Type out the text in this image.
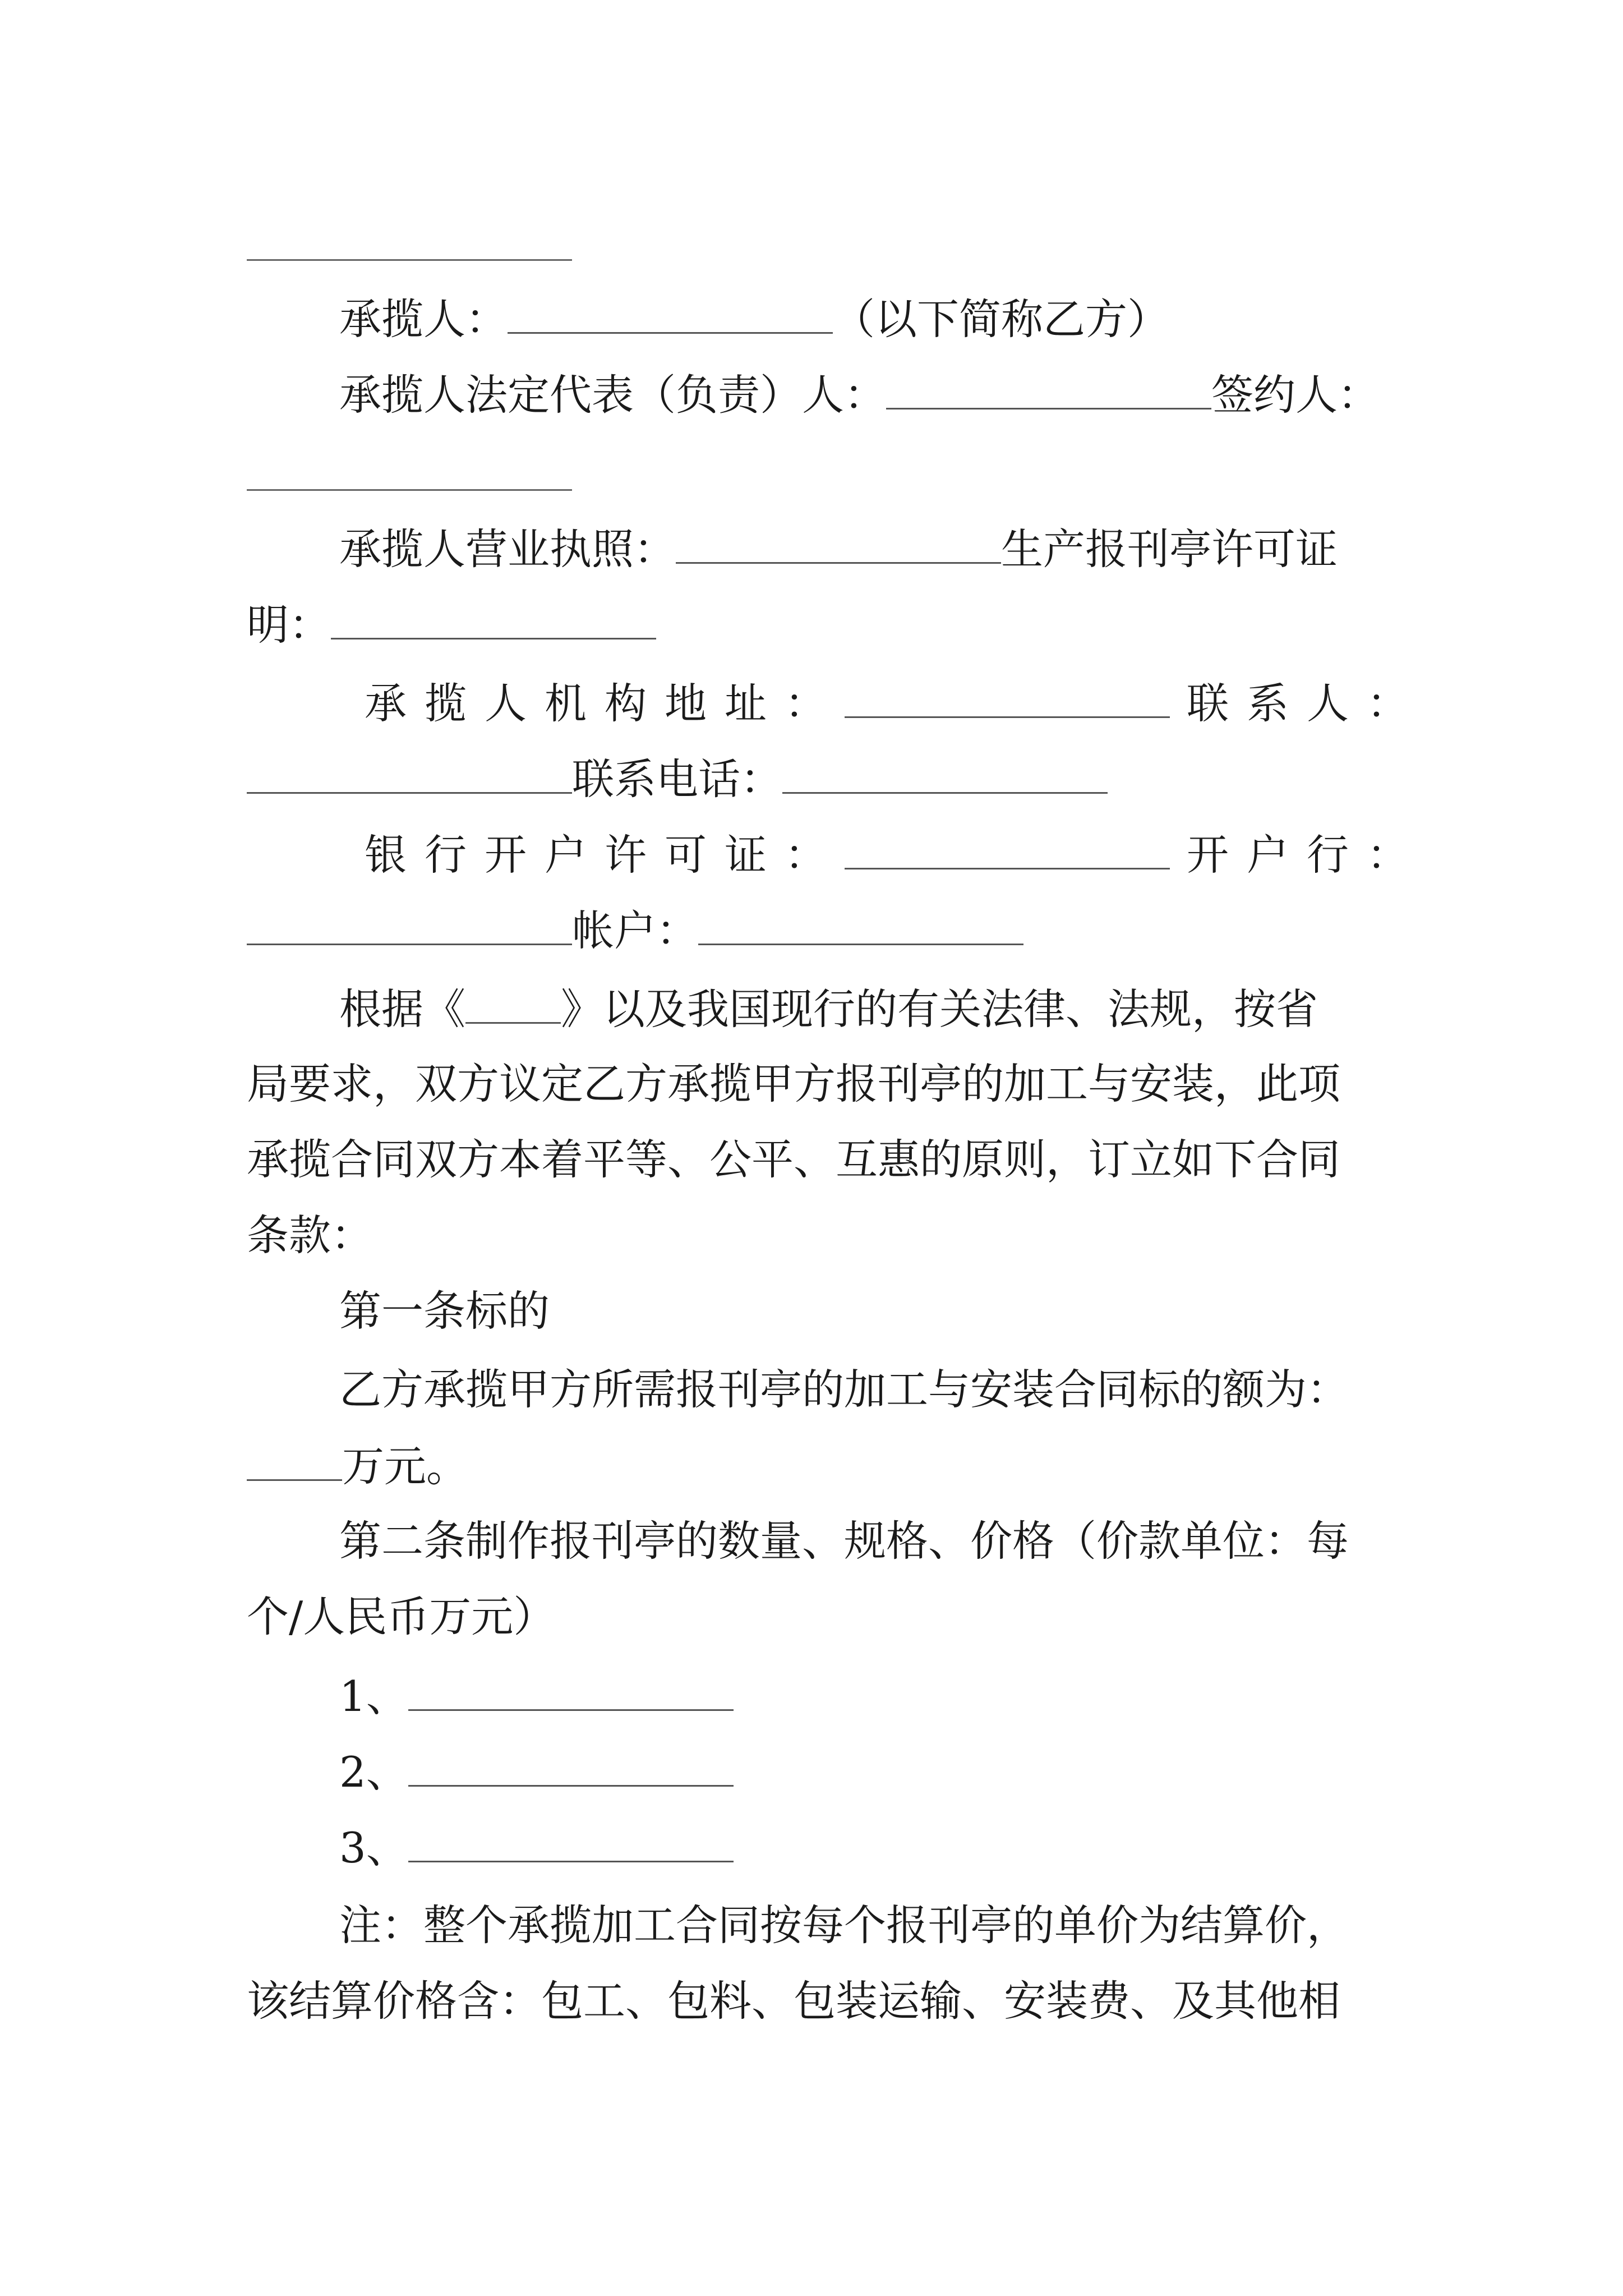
承揽人：	（以下简称乙方）
承揽人法定代表（负责）人：	签约人：
承揽人营业执照：	生产报刊亭许可证
明：
承揽人机构地址：	联系人：
联系电话：
银行开户许可证：	开户行：
帐户：
根据《 》以及我国现行的有关法律、法规，按省
局要求，双方议定乙方承揽甲方报刊亭的加工与安装，此项
承揽合同双方本着平等、公平、互惠的原则，订立如下合同
条款：
第一条标的
乙方承揽甲方所需报刊亭的加工与安装合同标的额为：
万元。
第二条制作报刊亭的数量、规格、价格（价款单位：每
个/人民币万元）
1、
2、
3、
注：整个承揽加工合同按每个报刊亭的单价为结算价，
该结算价格含：包工、包料、包装运输、安装费、及其他相
